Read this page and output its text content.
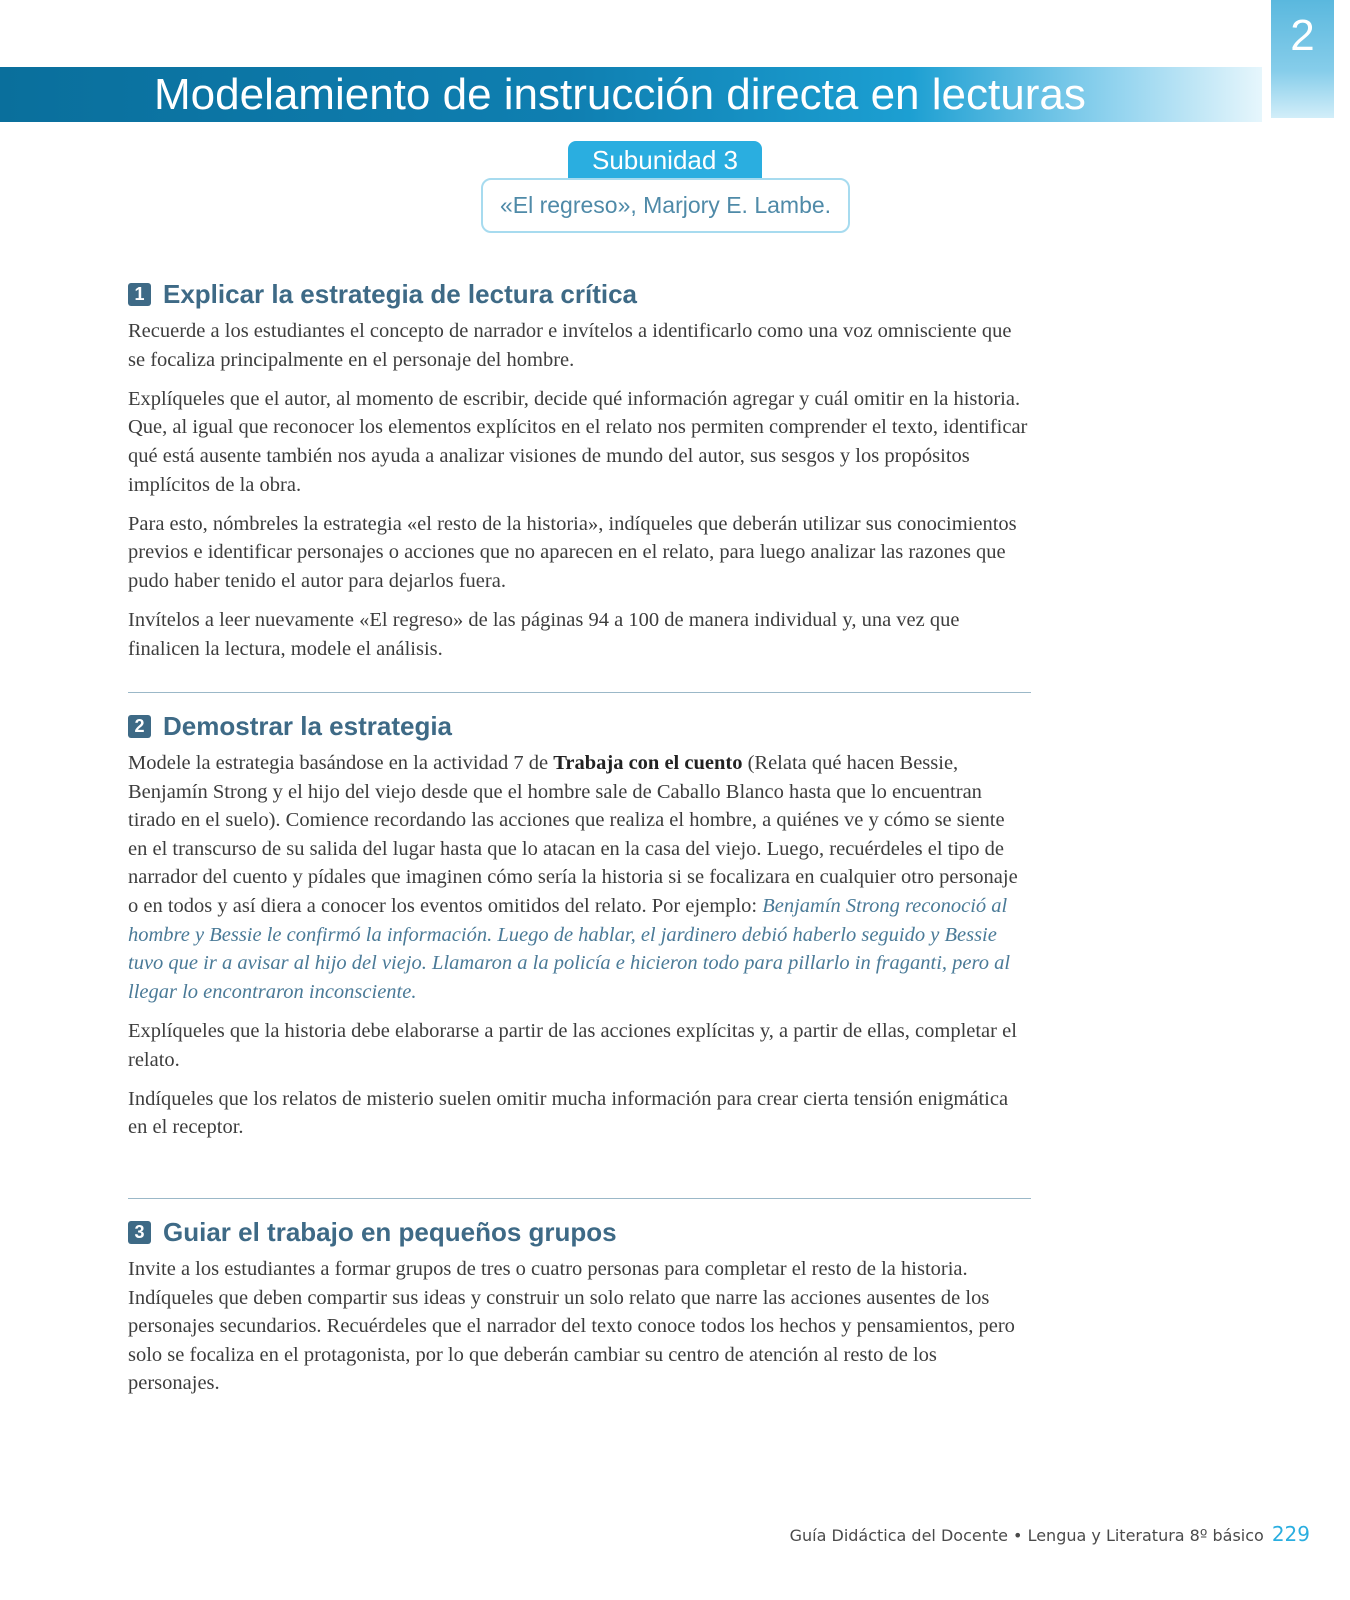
Modelamiento de instrucción directa en lecturas
2
Subunidad 3
«El regreso», Marjory E. Lambe.
1 Explicar la estrategia de lectura crítica

Recuerde a los estudiantes el concepto de narrador e invítelos a identificarlo como una voz omnisciente que se focaliza principalmente en el personaje del hombre.

Explíqueles que el autor, al momento de escribir, decide qué información agregar y cuál omitir en la historia. Que, al igual que reconocer los elementos explícitos en el relato nos permiten comprender el texto, identificar qué está ausente también nos ayuda a analizar visiones de mundo del autor, sus sesgos y los propósitos implícitos de la obra.

Para esto, nómbreles la estrategia «el resto de la historia», indíqueles que deberán utilizar sus conocimientos previos e identificar personajes o acciones que no aparecen en el relato, para luego analizar las razones que pudo haber tenido el autor para dejarlos fuera.

Invítelos a leer nuevamente «El regreso» de las páginas 94 a 100 de manera individual y, una vez que finalicen la lectura, modele el análisis.

2 Demostrar la estrategia

Modele la estrategia basándose en la actividad 7 de Trabaja con el cuento (Relata qué hacen Bessie, Benjamín Strong y el hijo del viejo desde que el hombre sale de Caballo Blanco hasta que lo encuentran tirado en el suelo). Comience recordando las acciones que realiza el hombre, a quiénes ve y cómo se siente en el transcurso de su salida del lugar hasta que lo atacan en la casa del viejo. Luego, recuérdeles el tipo de narrador del cuento y pídales que imaginen cómo sería la historia si se focalizara en cualquier otro personaje o en todos y así diera a conocer los eventos omitidos del relato. Por ejemplo: Benjamín Strong reconoció al hombre y Bessie le confirmó la información. Luego de hablar, el jardinero debió haberlo seguido y Bessie tuvo que ir a avisar al hijo del viejo. Llamaron a la policía e hicieron todo para pillarlo in fraganti, pero al llegar lo encontraron inconsciente.

Explíqueles que la historia debe elaborarse a partir de las acciones explícitas y, a partir de ellas, completar el relato.

Indíqueles que los relatos de misterio suelen omitir mucha información para crear cierta tensión enigmática en el receptor.

3 Guiar el trabajo en pequeños grupos

Invite a los estudiantes a formar grupos de tres o cuatro personas para completar el resto de la historia. Indíqueles que deben compartir sus ideas y construir un solo relato que narre las acciones ausentes de los personajes secundarios. Recuérdeles que el narrador del texto conoce todos los hechos y pensamientos, pero solo se focaliza en el protagonista, por lo que deberán cambiar su centro de atención al resto de los personajes.

Guía Didáctica del Docente • Lengua y Literatura 8º básico 229
